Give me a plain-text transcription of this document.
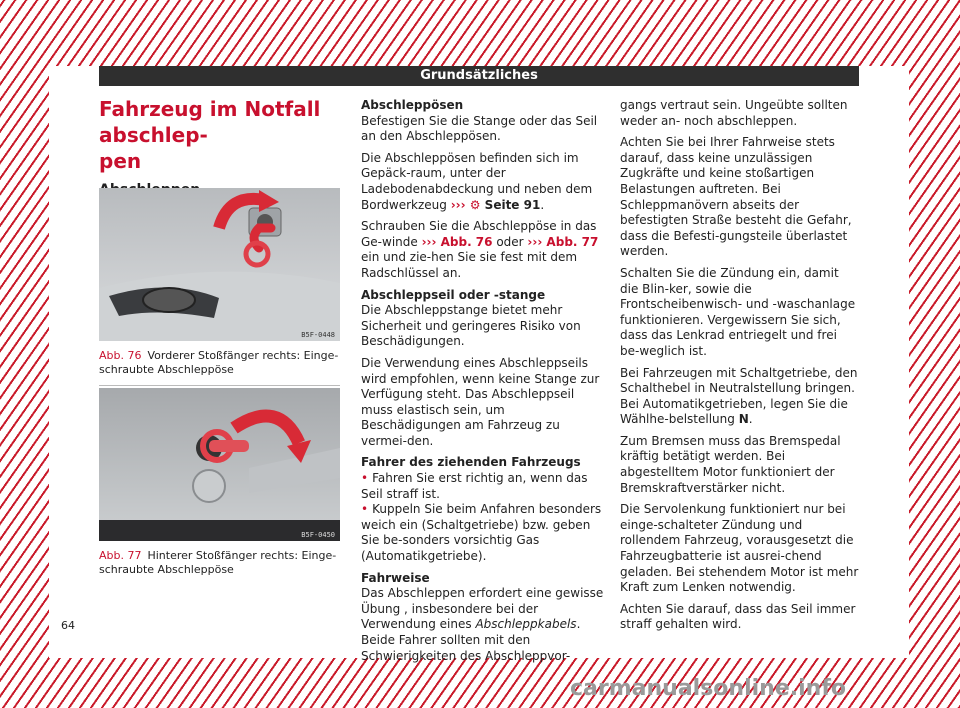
Grundsätzliches
Fahrzeug im Notfall abschlep-
pen
B5F-0448
Abb. 76 Vorderer Stoßfänger rechts: Einge-
schraubte Abschleppöse
B5F-0450
Abb. 77 Hinterer Stoßfänger rechts: Einge-
schraubte Abschleppöse

Abschleppösen

Befestigen Sie die Stange oder das Seil an den Abschleppösen.

Die Abschleppösen befinden sich im Gepäck-raum, unter der Ladebodenabdeckung und neben dem Bordwerkzeug ››› ⚙ Seite 91.

Schrauben Sie die Abschleppöse in das Ge-winde ››› Abb. 76 oder ››› Abb. 77 ein und zie-hen Sie sie fest mit dem Radschlüssel an.

Abschleppseil oder -stange

Die Abschleppstange bietet mehr Sicherheit und geringeres Risiko von Beschädigungen.

Die Verwendung eines Abschleppseils wird empfohlen, wenn keine Stange zur Verfügung steht. Das Abschleppseil muss elastisch sein, um Beschädigungen am Fahrzeug zu vermei-den.

Fahrer des ziehenden Fahrzeugs

• Fahren Sie erst richtig an, wenn das Seil straff ist.

• Kuppeln Sie beim Anfahren besonders weich ein (Schaltgetriebe) bzw. geben Sie be-sonders vorsichtig Gas (Automatikgetriebe).

Fahrweise

Das Abschleppen erfordert eine gewisse Übung , insbesondere bei der Verwendung eines Abschleppkabels. Beide Fahrer sollten mit den Schwierigkeiten des Abschleppvor-

gangs vertraut sein. Ungeübte sollten weder an- noch abschleppen.

Achten Sie bei Ihrer Fahrweise stets darauf, dass keine unzulässigen Zugkräfte und keine stoßartigen Belastungen auftreten. Bei Schleppmanövern abseits der befestigten Straße besteht die Gefahr, dass die Befesti-gungsteile überlastet werden.

Schalten Sie die Zündung ein, damit die Blin-ker, sowie die Frontscheibenwisch- und -waschanlage funktionieren. Vergewissern Sie sich, dass das Lenkrad entriegelt und frei be-weglich ist.

Bei Fahrzeugen mit Schaltgetriebe, den Schalthebel in Neutralstellung bringen. Bei Automatikgetrieben, legen Sie die Wählhe-belstellung N.

Zum Bremsen muss das Bremspedal kräftig betätigt werden. Bei abgestelltem Motor funktioniert der Bremskraftverstärker nicht.

Die Servolenkung funktioniert nur bei einge-schalteter Zündung und rollendem Fahrzeug, vorausgesetzt die Fahrzeugbatterie ist ausrei-chend geladen. Bei stehendem Motor ist mehr Kraft zum Lenken notwendig.

Achten Sie darauf, dass das Seil immer straff gehalten wird.

64
carmanualsonline.info
